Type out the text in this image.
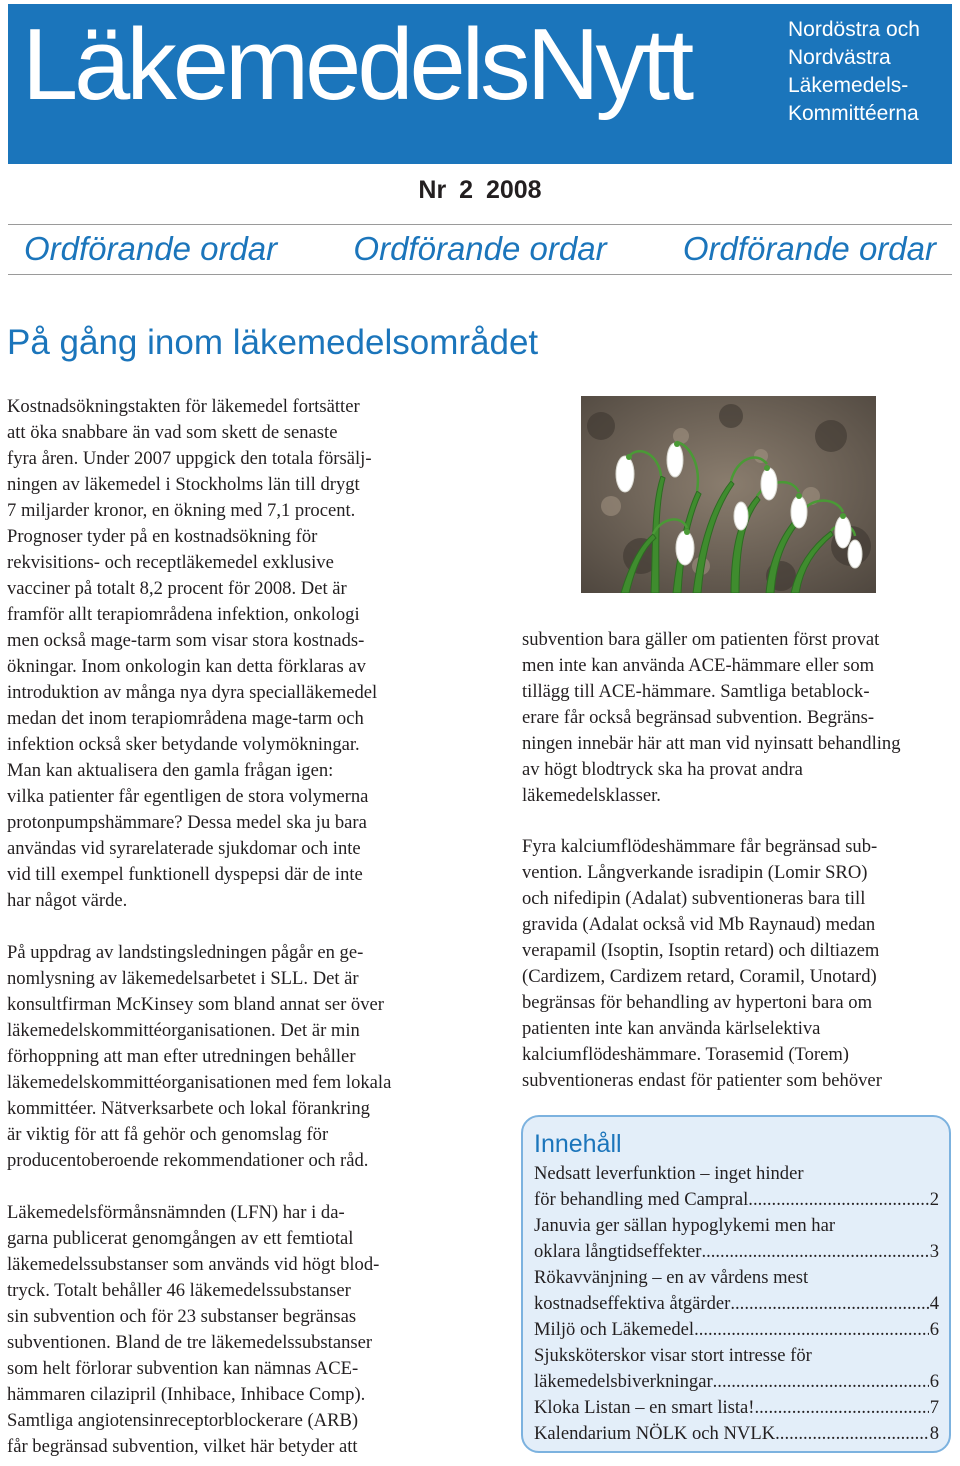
LäkemedelsNytt	Nordöstra och
Nordvästra
Läkemedels-
Kommittéerna
Nr 2 2008
Ordförande ordar	Ordförande ordar	Ordförande ordar
På gång inom läkemedelsområdet

Kostnadsökningstakten för läkemedel fortsätter
att öka snabbare än vad som skett de senaste
fyra åren. Under 2007 uppgick den totala försälj-
ningen av läkemedel i Stockholms län till drygt
7 miljarder kronor, en ökning med 7,1 procent.
Prognoser tyder på en kostnadsökning för
rekvisitions- och receptläkemedel exklusive
vacciner på totalt 8,2 procent för 2008. Det är
framför allt terapiområdena infektion, onkologi
men också mage-tarm som visar stora kostnads-
ökningar. Inom onkologin kan detta förklaras av
introduktion av många nya dyra specialläkemedel
medan det inom terapiområdena mage-tarm och
infektion också sker betydande volymökningar.
Man kan aktualisera den gamla frågan igen:
vilka patienter får egentligen de stora volymerna
protonpumpshämmare? Dessa medel ska ju bara
användas vid syrarelaterade sjukdomar och inte
vid till exempel funktionell dyspepsi där de inte
har något värde.

På uppdrag av landstingsledningen pågår en ge-
nomlysning av läkemedelsarbetet i SLL. Det är
konsultfirman McKinsey som bland annat ser över
läkemedelskommittéorganisationen. Det är min
förhoppning att man efter utredningen behåller
läkemedelskommittéorganisationen med fem lokala
kommittéer. Nätverksarbete och lokal förankring
är viktig för att få gehör och genomslag för
producentoberoende rekommendationer och råd.

Läkemedelsförmånsnämnden (LFN) har i da-
garna publicerat genomgången av ett femtiotal
läkemedelssubstanser som används vid högt blod-
tryck. Totalt behåller 46 läkemedelssubstanser
sin subvention och för 23 substanser begränsas
subventionen. Bland de tre läkemedelssubstanser
som helt förlorar subvention kan nämnas ACE-
hämmaren cilazipril (Inhibace, Inhibace Comp).
Samtliga angiotensinreceptorblockerare (ARB)
får begränsad subvention, vilket här betyder att

subvention bara gäller om patienten först provat
men inte kan använda ACE-hämmare eller som
tillägg till ACE-hämmare. Samtliga betablock-
erare får också begränsad subvention. Begräns-
ningen innebär här att man vid nyinsatt behandling
av högt blodtryck ska ha provat andra
läkemedelsklasser.

Fyra kalciumflödeshämmare får begränsad sub-
vention. Långverkande isradipin (Lomir SRO)
och nifedipin (Adalat) subventioneras bara till
gravida (Adalat också vid Mb Raynaud) medan
verapamil (Isoptin, Isoptin retard) och diltiazem
(Cardizem, Cardizem retard, Coramil, Unotard)
begränsas för behandling av hypertoni bara om
patienten inte kan använda kärlselektiva
kalciumflödeshämmare. Torasemid (Torem)
subventioneras endast för patienter som behöver

Innehåll
Nedsatt leverfunktion – inget hinder
för behandling med Campral .....	2
Januvia ger sällan hypoglykemi men har
oklara långtidseffekter .....	3
Rökavvänjning – en av vårdens mest
kostnadseffektiva åtgärder .....	4
Miljö och Läkemedel .....	6
Sjuksköterskor visar stort intresse för
läkemedelsbiverkningar .....	6
Kloka Listan – en smart lista! .....	7
Kalendarium NÖLK och NVLK .....	8
